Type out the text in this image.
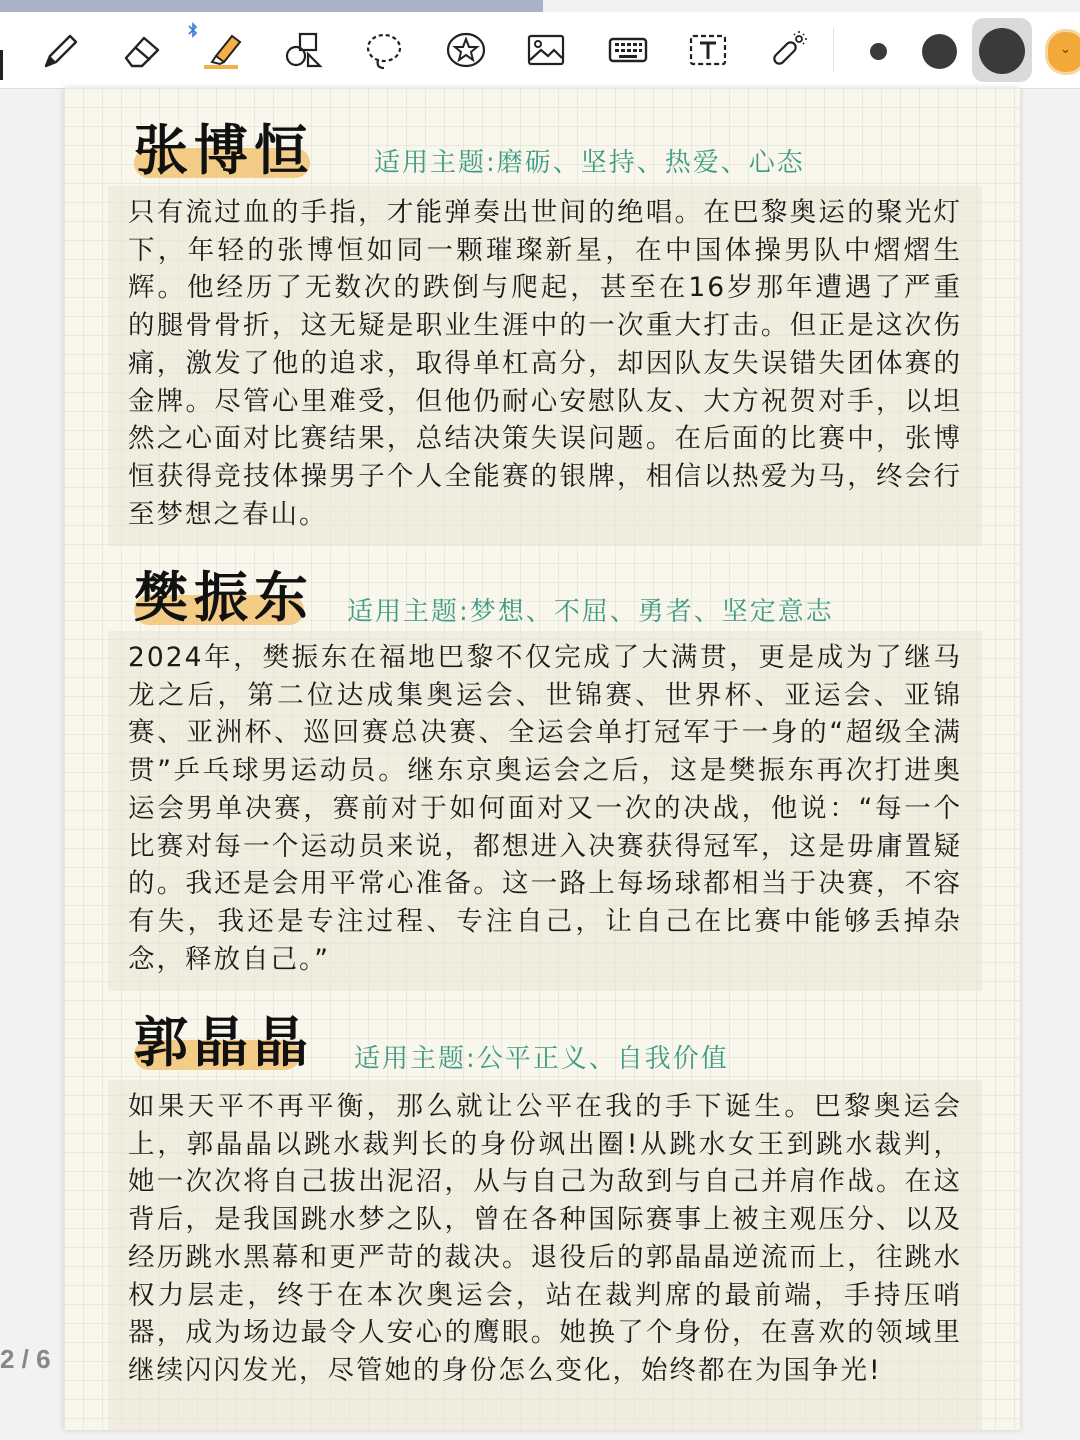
⌄
2 / 6
张博恒 适用主题:磨砺、坚持、热爱、心态
只有流过血的手指，才能弹奏出世间的绝唱。在巴黎奥运的聚光灯下，年轻的张博恒如同一颗璀璨新星，在中国体操男队中熠熠生辉。他经历了无数次的跌倒与爬起，甚至在16岁那年遭遇了严重的腿骨骨折，这无疑是职业生涯中的一次重大打击。但正是这次伤痛，激发了他的追求，取得单杠高分，却因队友失误错失团体赛的金牌。尽管心里难受，但他仍耐心安慰队友、大方祝贺对手，以坦然之心面对比赛结果，总结决策失误问题。在后面的比赛中，张博恒获得竞技体操男子个人全能赛的银牌，相信以热爱为马，终会行至梦想之春山。
樊振东 适用主题:梦想、不屈、勇者、坚定意志
2024年，樊振东在福地巴黎不仅完成了大满贯，更是成为了继马龙之后，第二位达成集奥运会、世锦赛、世界杯、亚运会、亚锦赛、亚洲杯、巡回赛总决赛、全运会单打冠军于一身的“超级全满贯”乒乓球男运动员。继东京奥运会之后，这是樊振东再次打进奥运会男单决赛，赛前对于如何面对又一次的决战，他说：“每一个比赛对每一个运动员来说，都想进入决赛获得冠军，这是毋庸置疑的。我还是会用平常心准备。这一路上每场球都相当于决赛，不容有失，我还是专注过程、专注自己，让自己在比赛中能够丢掉杂念，释放自己。”
郭晶晶 适用主题:公平正义、自我价值
如果天平不再平衡，那么就让公平在我的手下诞生。巴黎奥运会上，郭晶晶以跳水裁判长的身份飒出圈!从跳水女王到跳水裁判，她一次次将自己拔出泥沼，从与自己为敌到与自己并肩作战。在这背后，是我国跳水梦之队，曾在各种国际赛事上被主观压分、以及经历跳水黑幕和更严苛的裁决。退役后的郭晶晶逆流而上，往跳水权力层走，终于在本次奥运会，站在裁判席的最前端，手持压哨器，成为场边最令人安心的鹰眼。她换了个身份，在喜欢的领域里继续闪闪发光，尽管她的身份怎么变化，始终都在为国争光!
